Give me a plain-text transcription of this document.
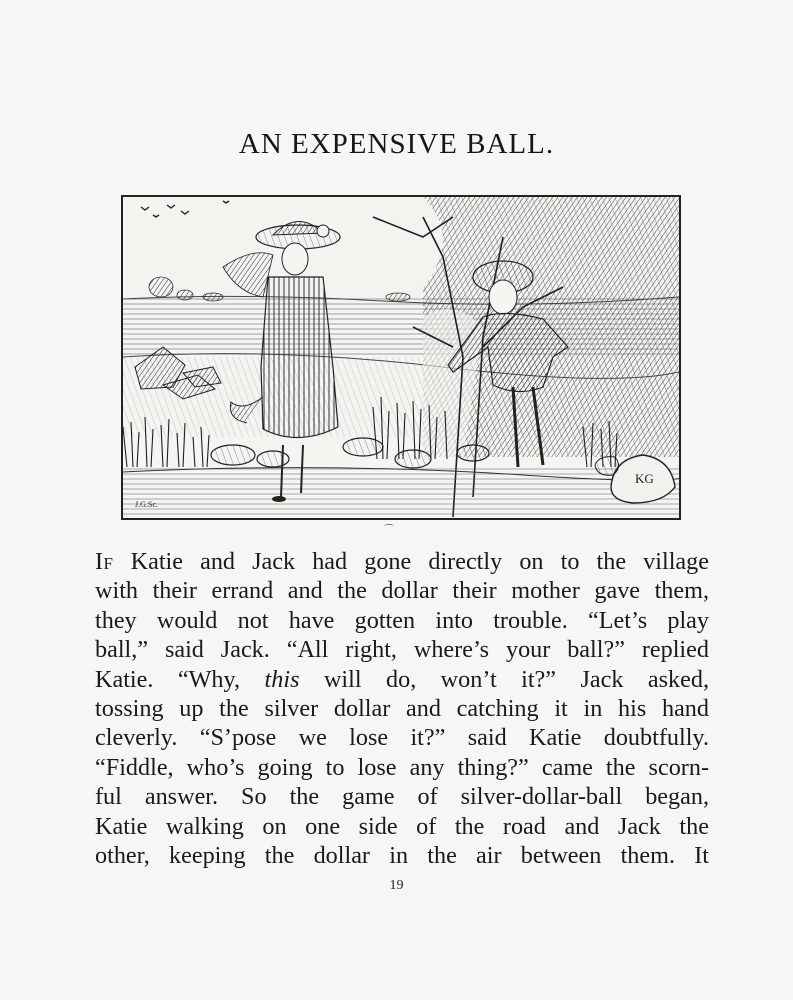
AN EXPENSIVE BALL.
KG
J.G.Sc.
⌒
If Katie and Jack had gone directly on to the village
with their errand and the dollar their mother gave them,
they would not have gotten into trouble. “Let’s play
ball,” said Jack. “All right, where’s your ball?” replied
Katie. “Why, this will do, won’t it?” Jack asked,
tossing up the silver dollar and catching it in his hand
cleverly. “S’pose we lose it?” said Katie doubtfully.
“Fiddle, who’s going to lose any thing?” came the scorn-
ful answer. So the game of silver-dollar-ball began,
Katie walking on one side of the road and Jack the
other, keeping the dollar in the air between them. It
19
